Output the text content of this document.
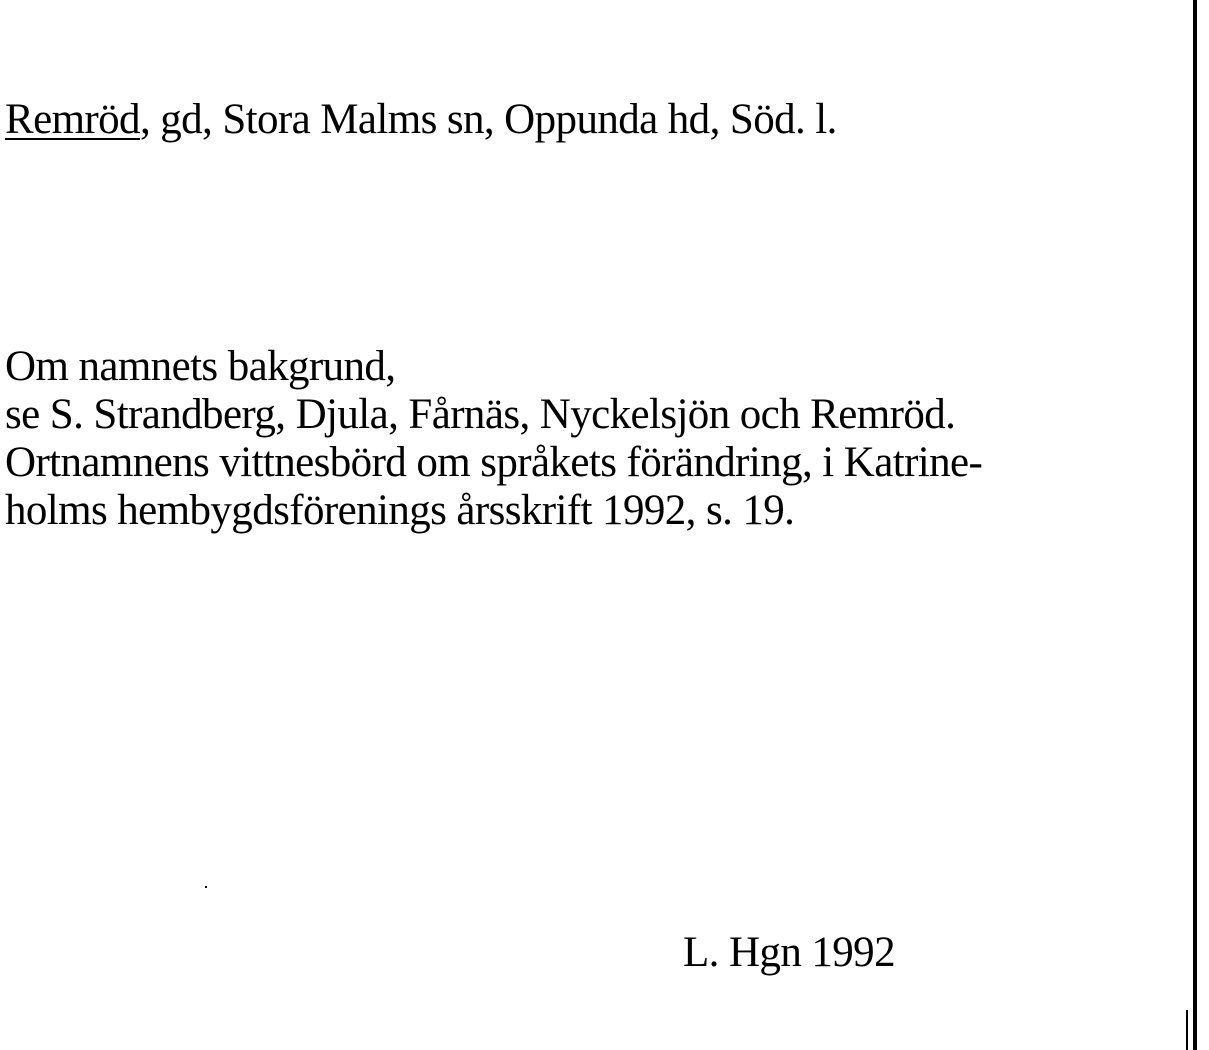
Remröd, gd, Stora Malms sn, Oppunda hd, Söd. l.
Om namnets bakgrund,
se S. Strandberg, Djula, Fårnäs, Nyckelsjön och Remröd.
Ortnamnens vittnesbörd om språkets förändring, i Katrine-
holms hembygdsförenings årsskrift 1992, s. 19.
L. Hgn 1992
